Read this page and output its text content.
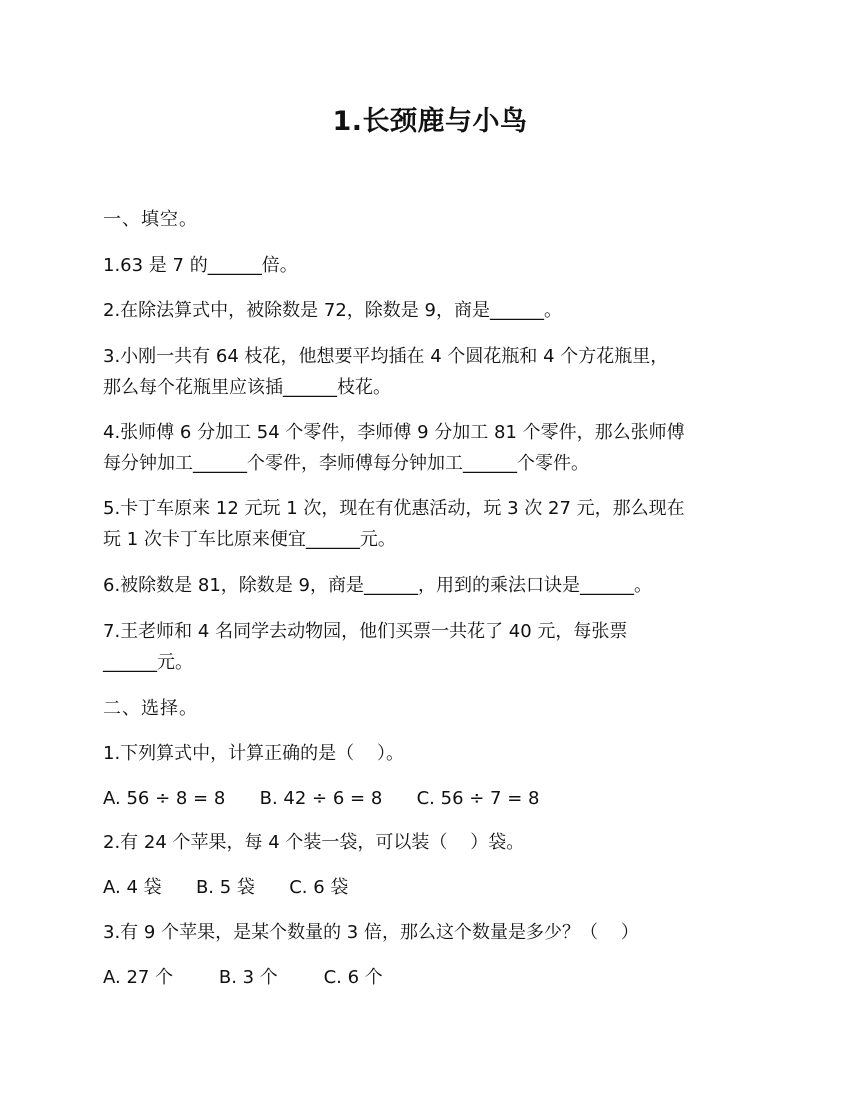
1.长颈鹿与小鸟
一、填空。
1.63 是 7 的______倍。
2.在除法算式中，被除数是 72，除数是 9，商是______。
3.小刚一共有 64 枝花，他想要平均插在 4 个圆花瓶和 4 个方花瓶里，
那么每个花瓶里应该插______枝花。
4.张师傅 6 分加工 54 个零件，李师傅 9 分加工 81 个零件，那么张师傅
每分钟加工______个零件，李师傅每分钟加工______个零件。
5.卡丁车原来 12 元玩 1 次，现在有优惠活动，玩 3 次 27 元，那么现在
玩 1 次卡丁车比原来便宜______元。
6.被除数是 81，除数是 9，商是______，用到的乘法口诀是______。
7.王老师和 4 名同学去动物园，他们买票一共花了 40 元，每张票
______元。
二、选择。
1.下列算式中，计算正确的是（    ）。
A. 56 ÷ 8 = 8      B. 42 ÷ 6 = 8      C. 56 ÷ 7 = 8
2.有 24 个苹果，每 4 个装一袋，可以装（    ）袋。
A. 4 袋      B. 5 袋      C. 6 袋
3.有 9 个苹果，是某个数量的 3 倍，那么这个数量是多少？（    ）
A. 27 个        B. 3 个        C. 6 个
